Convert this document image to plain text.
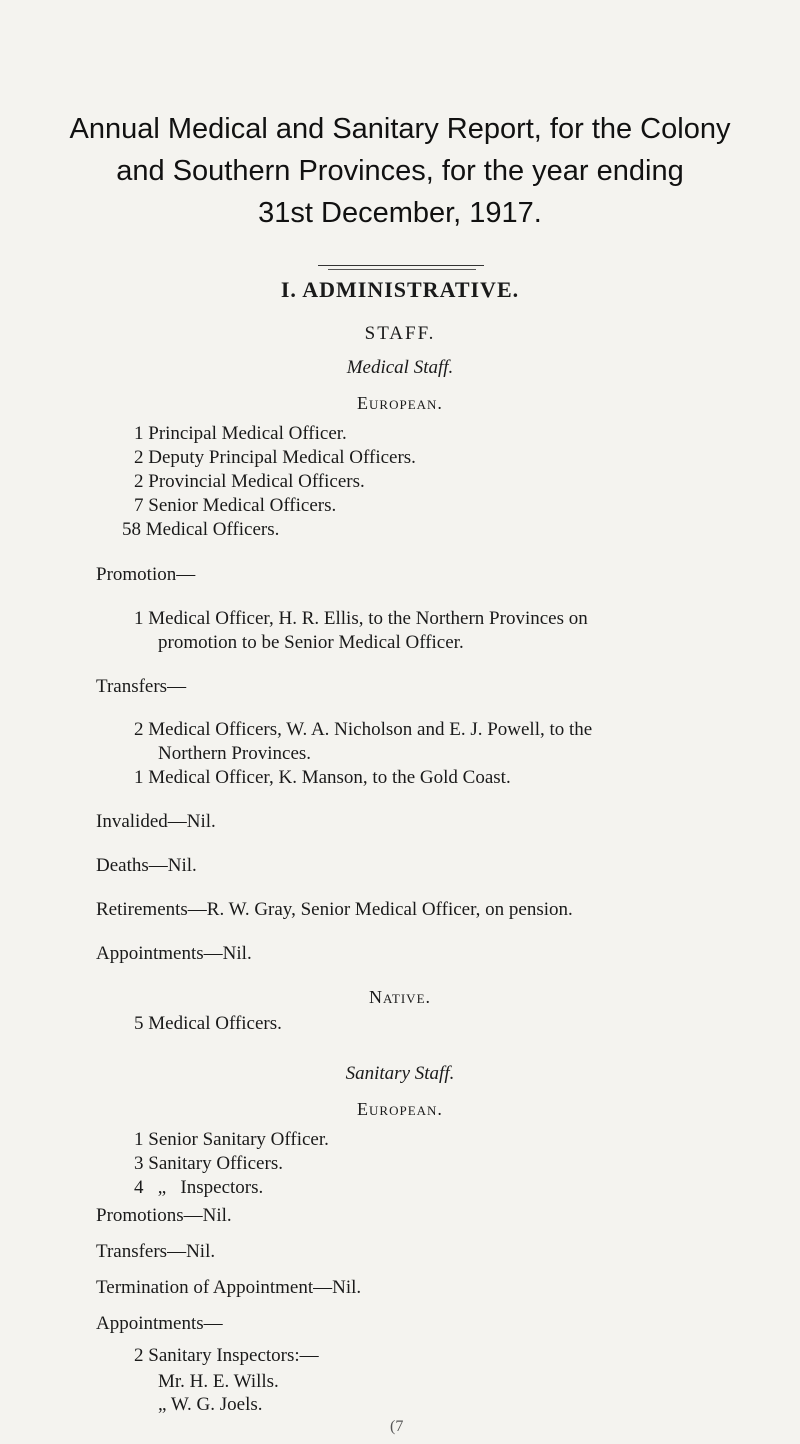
Annual Medical and Sanitary Report, for the Colony
and Southern Provinces, for the year ending
31st December, 1917.
I. ADMINISTRATIVE.
STAFF.
Medical Staff.
European.
1 Principal Medical Officer.
2 Deputy Principal Medical Officers.
2 Provincial Medical Officers.
7 Senior Medical Officers.
58 Medical Officers.
Promotion—
1 Medical Officer, H. R. Ellis, to the Northern Provinces on
promotion to be Senior Medical Officer.
Transfers—
2 Medical Officers, W. A. Nicholson and E. J. Powell, to the
Northern Provinces.
1 Medical Officer, K. Manson, to the Gold Coast.
Invalided—Nil.
Deaths—Nil.
Retirements—R. W. Gray, Senior Medical Officer, on pension.
Appointments—Nil.
Native.
5 Medical Officers.
Sanitary Staff.
European.
1 Senior Sanitary Officer.
3 Sanitary Officers.
4   „   Inspectors.
Promotions—Nil.
Transfers—Nil.
Termination of Appointment—Nil.
Appointments—
2 Sanitary Inspectors:—
Mr. H. E. Wills.
„ W. G. Joels.
(7
